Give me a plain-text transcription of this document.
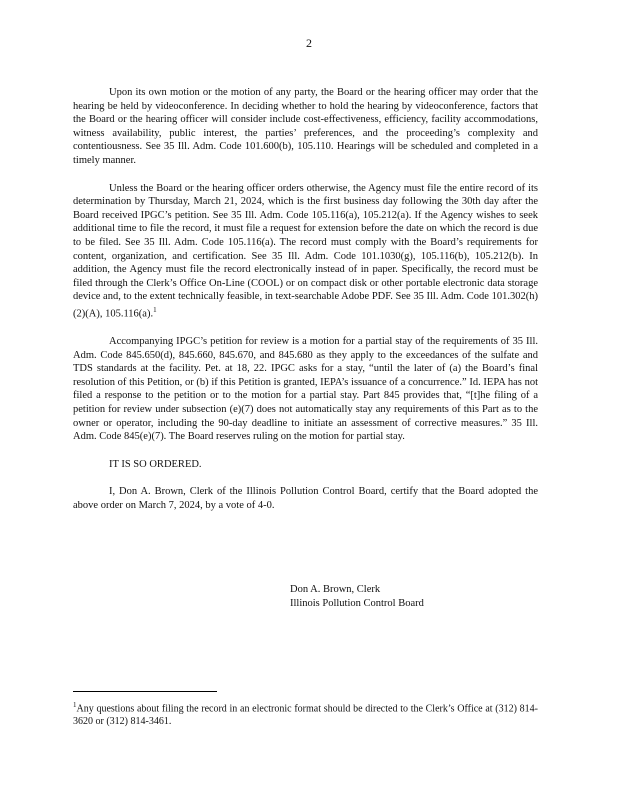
2

Upon its own motion or the motion of any party, the Board or the hearing officer may order that the hearing be held by videoconference. In deciding whether to hold the hearing by videoconference, factors that the Board or the hearing officer will consider include cost-effectiveness, efficiency, facility accommodations, witness availability, public interest, the parties’ preferences, and the proceeding’s complexity and contentiousness. See 35 Ill. Adm. Code 101.600(b), 105.110. Hearings will be scheduled and completed in a timely manner.

Unless the Board or the hearing officer orders otherwise, the Agency must file the entire record of its determination by Thursday, March 21, 2024, which is the first business day following the 30th day after the Board received IPGC’s petition. See 35 Ill. Adm. Code 105.116(a), 105.212(a). If the Agency wishes to seek additional time to file the record, it must file a request for extension before the date on which the record is due to be filed. See 35 Ill. Adm. Code 105.116(a). The record must comply with the Board’s requirements for content, organization, and certification. See 35 Ill. Adm. Code 101.1030(g), 105.116(b), 105.212(b). In addition, the Agency must file the record electronically instead of in paper. Specifically, the record must be filed through the Clerk’s Office On-Line (COOL) or on compact disk or other portable electronic data storage device and, to the extent technically feasible, in text-searchable Adobe PDF. See 35 Ill. Adm. Code 101.302(h)(2)(A), 105.116(a).$^1$

Accompanying IPGC’s petition for review is a motion for a partial stay of the requirements of 35 Ill. Adm. Code 845.650(d), 845.660, 845.670, and 845.680 as they apply to the exceedances of the sulfate and TDS standards at the facility. Pet. at 18, 22. IPGC asks for a stay, “until the later of (a) the Board’s final resolution of this Petition, or (b) if this Petition is granted, IEPA’s issuance of a concurrence.” Id. IEPA has not filed a response to the petition or to the motion for a partial stay. Part 845 provides that, “[t]he filing of a petition for review under subsection (e)(7) does not automatically stay any requirements of this Part as to the owner or operator, including the 90-day deadline to initiate an assessment of corrective measures.” 35 Ill. Adm. Code 845(e)(7). The Board reserves ruling on the motion for partial stay.

IT IS SO ORDERED.

I, Don A. Brown, Clerk of the Illinois Pollution Control Board, certify that the Board adopted the above order on March 7, 2024, by a vote of 4-0.

Don A. Brown, Clerk
Illinois Pollution Control Board
$^1$Any questions about filing the record in an electronic format should be directed to the Clerk’s Office at (312) 814-3620 or (312) 814-3461.
